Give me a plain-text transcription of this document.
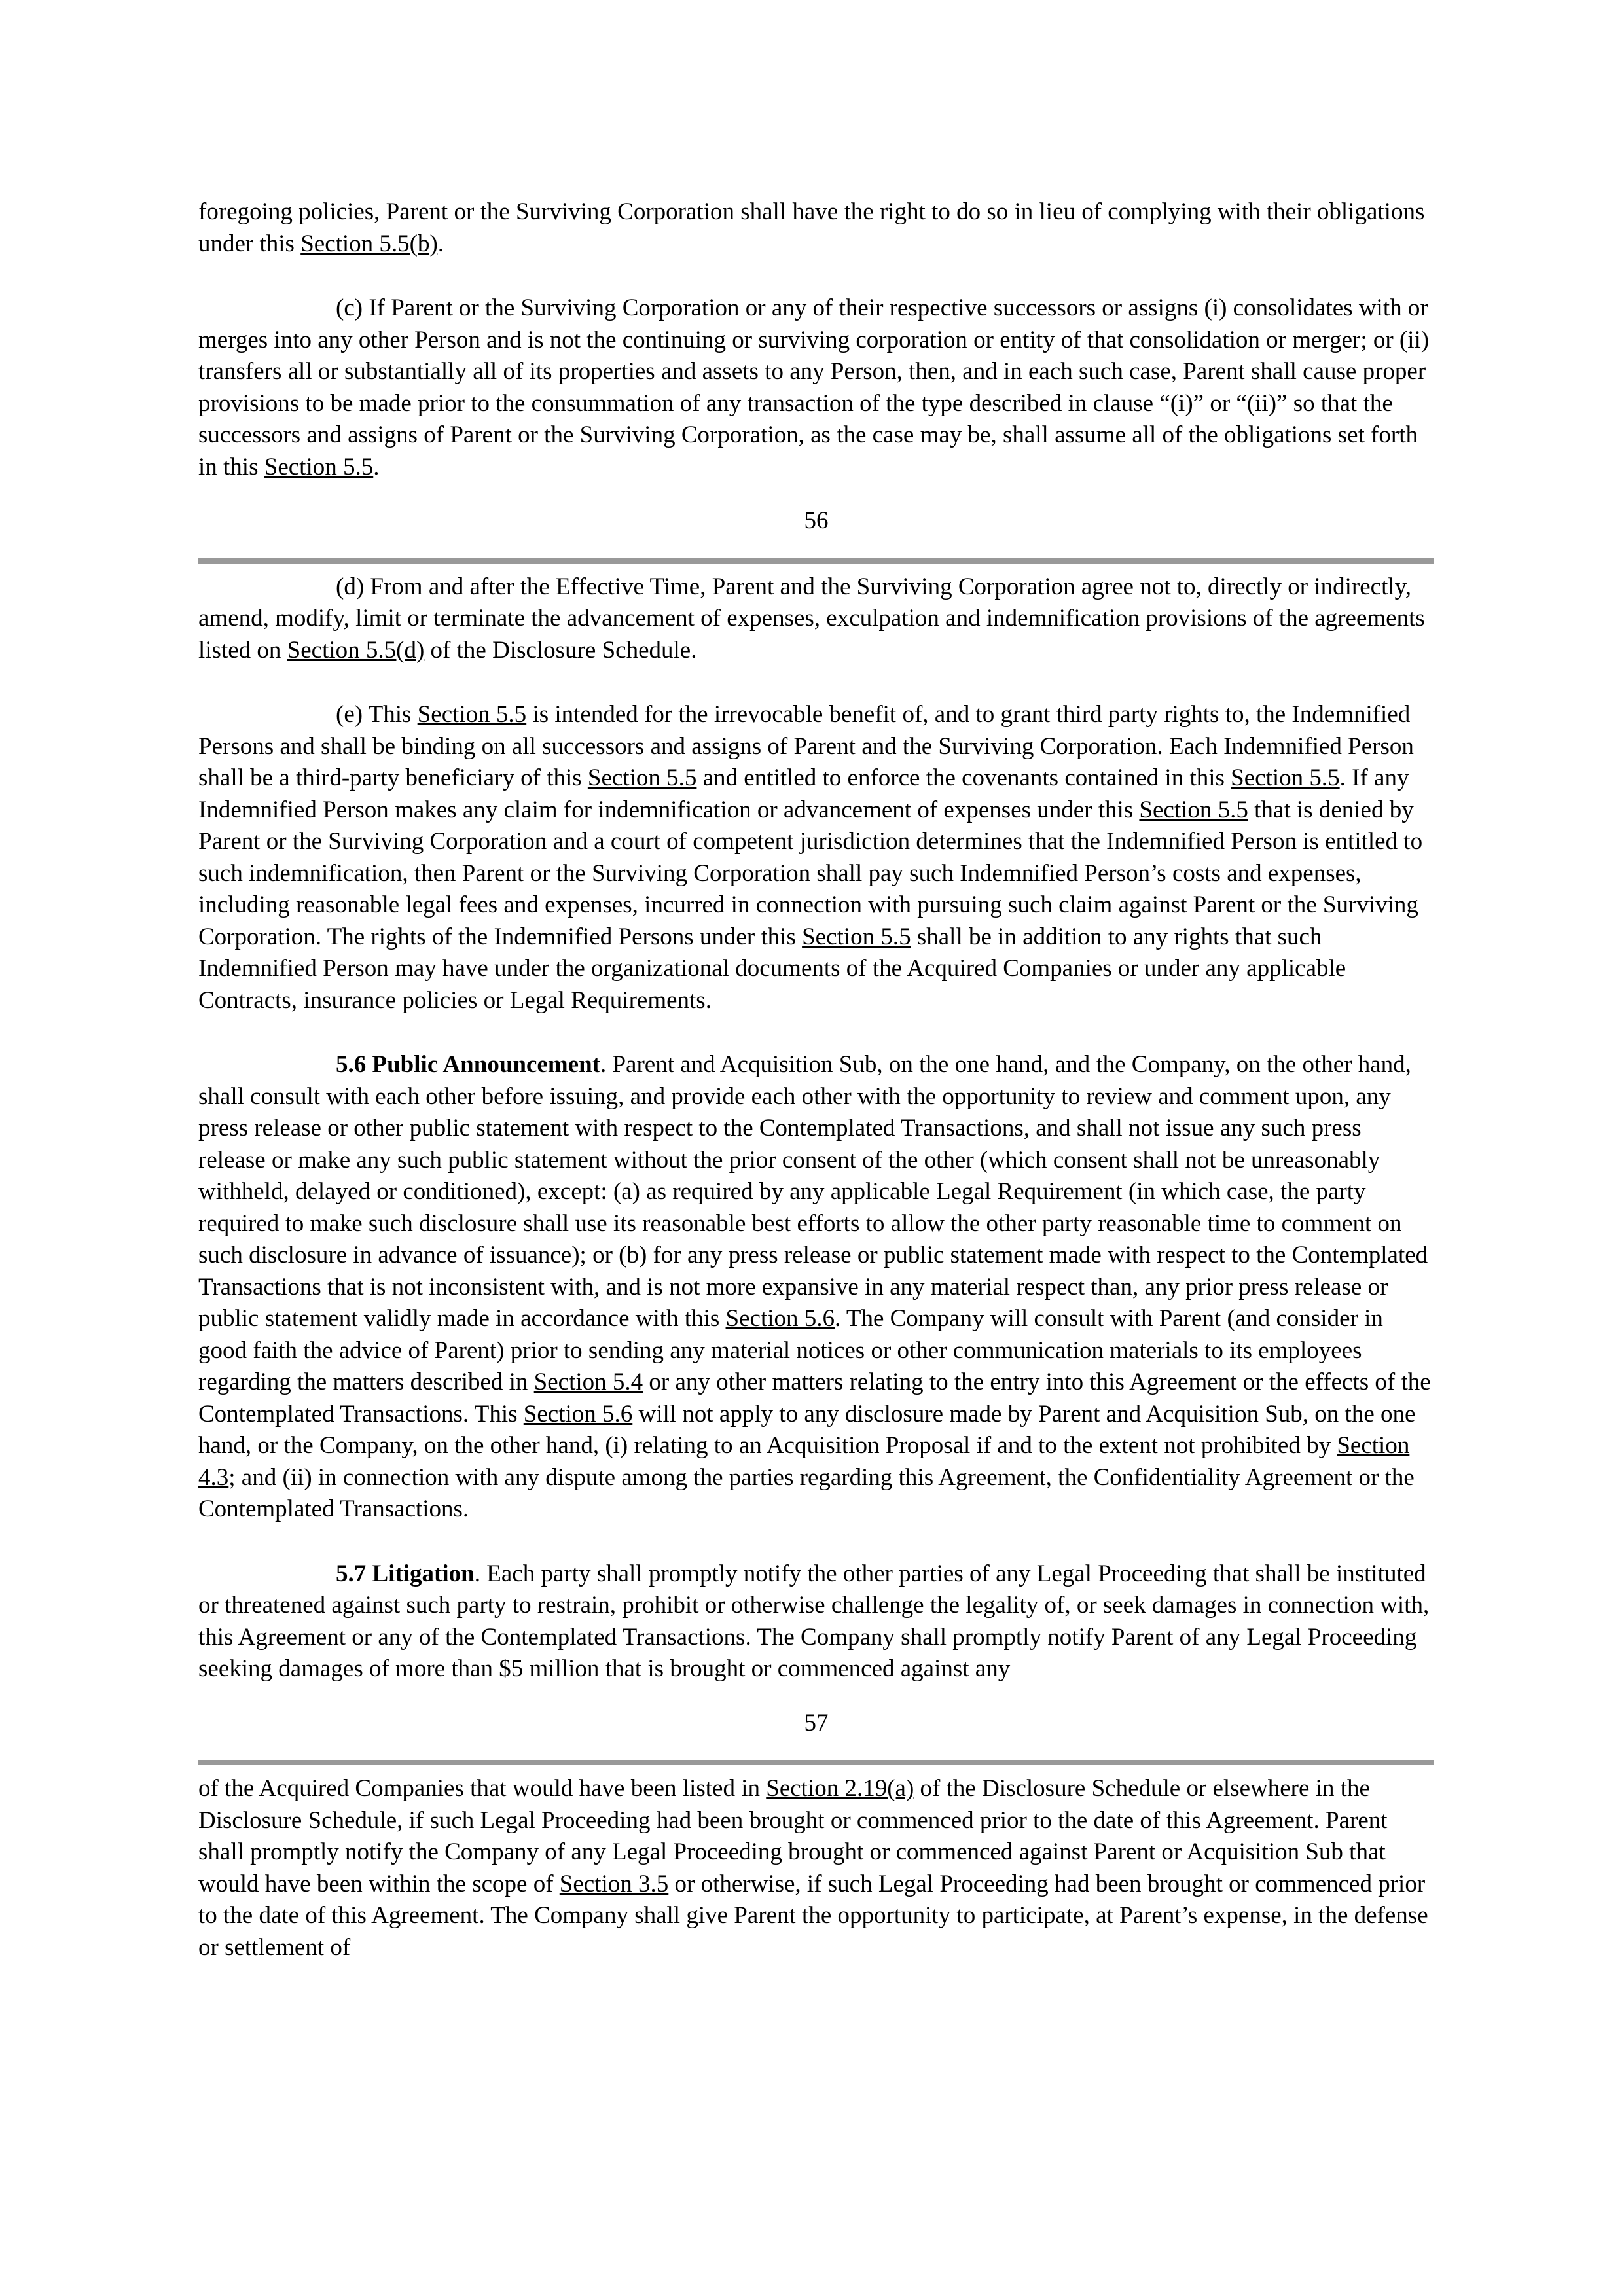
foregoing policies, Parent or the Surviving Corporation shall have the right to do so in lieu of complying with their obligations under this Section 5.5(b).

(c) If Parent or the Surviving Corporation or any of their respective successors or assigns (i) consolidates with or merges into any other Person and is not the continuing or surviving corporation or entity of that consolidation or merger; or (ii) transfers all or substantially all of its properties and assets to any Person, then, and in each such case, Parent shall cause proper provisions to be made prior to the consummation of any transaction of the type described in clause “(i)” or “(ii)” so that the successors and assigns of Parent or the Surviving Corporation, as the case may be, shall assume all of the obligations set forth in this Section 5.5.

56

(d) From and after the Effective Time, Parent and the Surviving Corporation agree not to, directly or indirectly, amend, modify, limit or terminate the advancement of expenses, exculpation and indemnification provisions of the agreements listed on Section 5.5(d) of the Disclosure Schedule.

(e) This Section 5.5 is intended for the irrevocable benefit of, and to grant third party rights to, the Indemnified Persons and shall be binding on all successors and assigns of Parent and the Surviving Corporation. Each Indemnified Person shall be a third-party beneficiary of this Section 5.5 and entitled to enforce the covenants contained in this Section 5.5. If any Indemnified Person makes any claim for indemnification or advancement of expenses under this Section 5.5 that is denied by Parent or the Surviving Corporation and a court of competent jurisdiction determines that the Indemnified Person is entitled to such indemnification, then Parent or the Surviving Corporation shall pay such Indemnified Person’s costs and expenses, including reasonable legal fees and expenses, incurred in connection with pursuing such claim against Parent or the Surviving Corporation. The rights of the Indemnified Persons under this Section 5.5 shall be in addition to any rights that such Indemnified Person may have under the organizational documents of the Acquired Companies or under any applicable Contracts, insurance policies or Legal Requirements.

5.6 Public Announcement. Parent and Acquisition Sub, on the one hand, and the Company, on the other hand, shall consult with each other before issuing, and provide each other with the opportunity to review and comment upon, any press release or other public statement with respect to the Contemplated Transactions, and shall not issue any such press release or make any such public statement without the prior consent of the other (which consent shall not be unreasonably withheld, delayed or conditioned), except: (a) as required by any applicable Legal Requirement (in which case, the party required to make such disclosure shall use its reasonable best efforts to allow the other party reasonable time to comment on such disclosure in advance of issuance); or (b) for any press release or public statement made with respect to the Contemplated Transactions that is not inconsistent with, and is not more expansive in any material respect than, any prior press release or public statement validly made in accordance with this Section 5.6. The Company will consult with Parent (and consider in good faith the advice of Parent) prior to sending any material notices or other communication materials to its employees regarding the matters described in Section 5.4 or any other matters relating to the entry into this Agreement or the effects of the Contemplated Transactions. This Section 5.6 will not apply to any disclosure made by Parent and Acquisition Sub, on the one hand, or the Company, on the other hand, (i) relating to an Acquisition Proposal if and to the extent not prohibited by Section 4.3; and (ii) in connection with any dispute among the parties regarding this Agreement, the Confidentiality Agreement or the Contemplated Transactions.

5.7 Litigation. Each party shall promptly notify the other parties of any Legal Proceeding that shall be instituted or threatened against such party to restrain, prohibit or otherwise challenge the legality of, or seek damages in connection with, this Agreement or any of the Contemplated Transactions. The Company shall promptly notify Parent of any Legal Proceeding seeking damages of more than $5 million that is brought or commenced against any

57

of the Acquired Companies that would have been listed in Section 2.19(a) of the Disclosure Schedule or elsewhere in the Disclosure Schedule, if such Legal Proceeding had been brought or commenced prior to the date of this Agreement. Parent shall promptly notify the Company of any Legal Proceeding brought or commenced against Parent or Acquisition Sub that would have been within the scope of Section 3.5 or otherwise, if such Legal Proceeding had been brought or commenced prior to the date of this Agreement. The Company shall give Parent the opportunity to participate, at Parent’s expense, in the defense or settlement of
